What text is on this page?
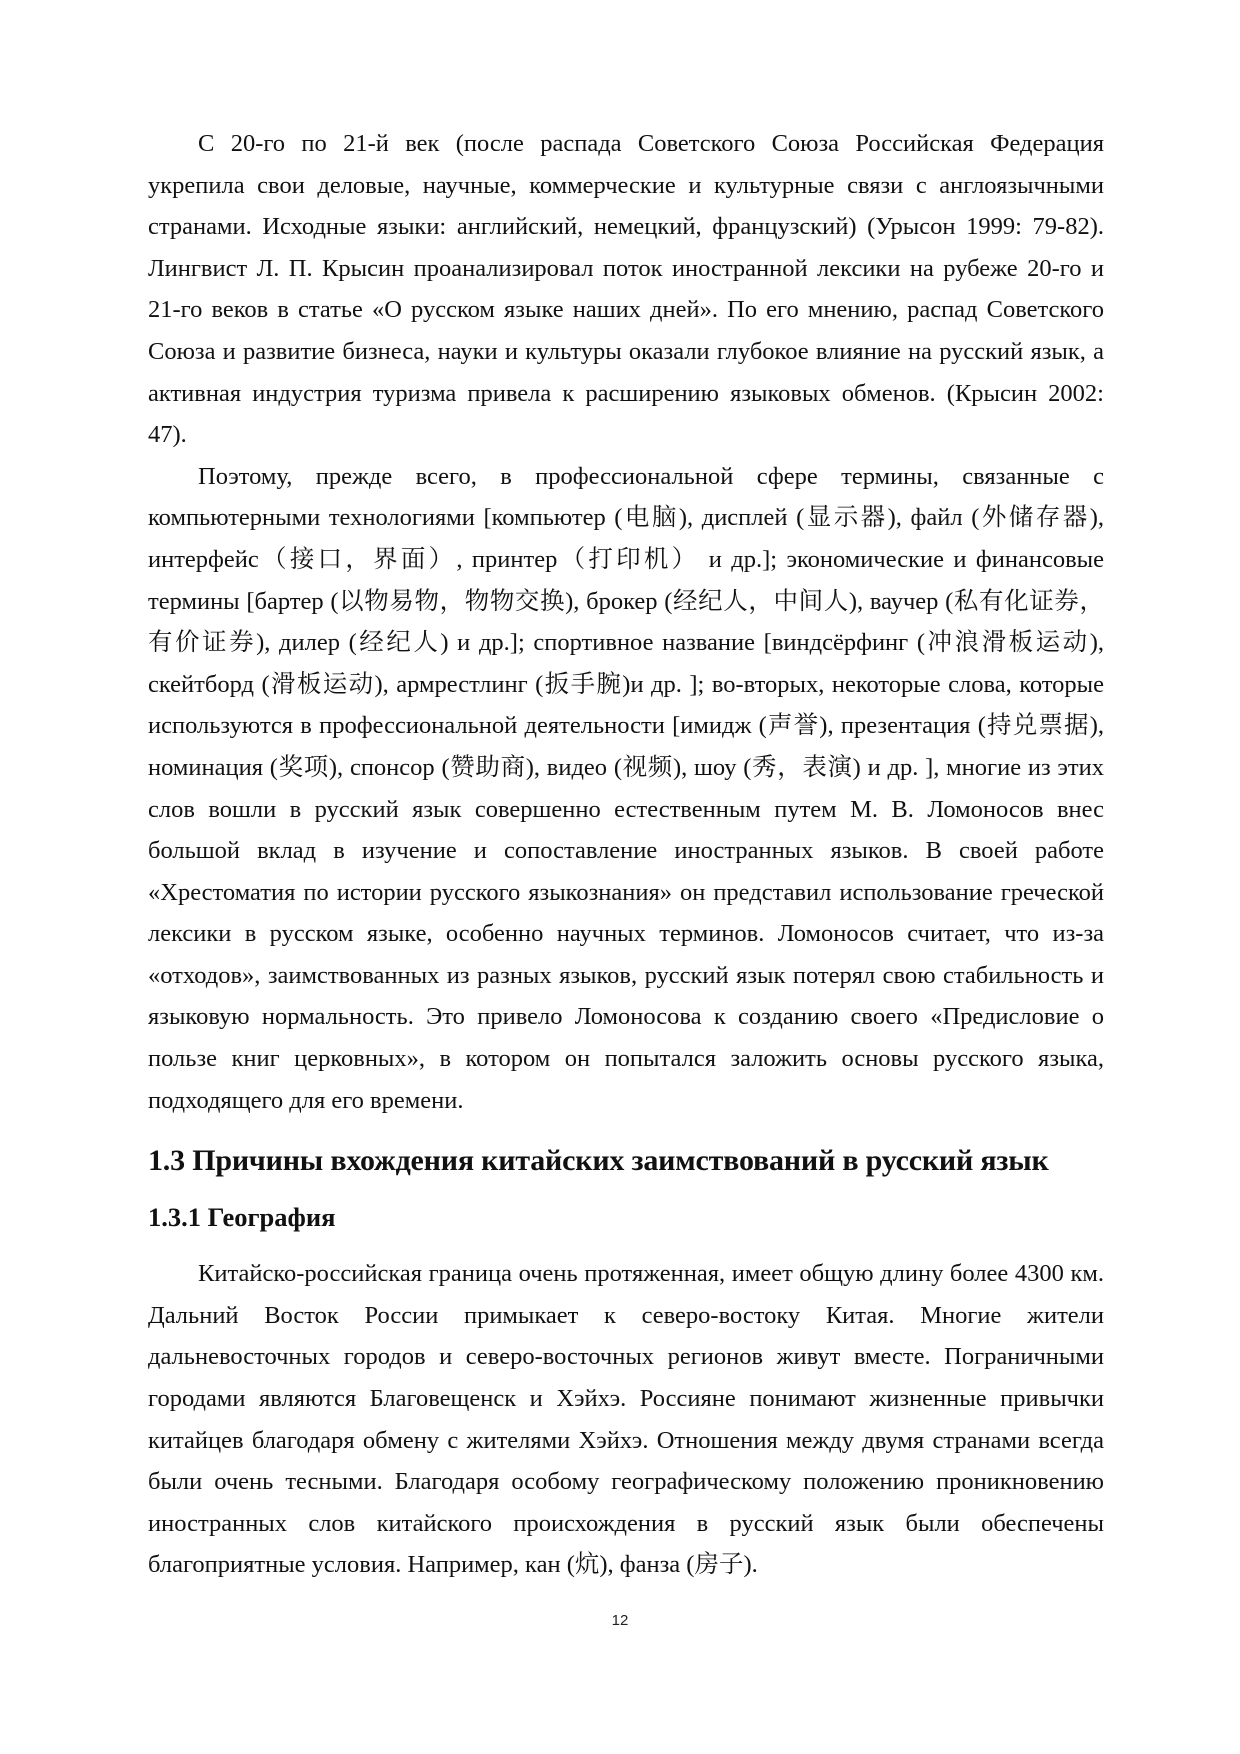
С 20-го по 21-й век (после распада Советского Союза Российская Федерация укрепила свои деловые, научные, коммерческие и культурные связи с англоязычными странами. Исходные языки: английский, немецкий, французский) (Урысон 1999: 79-82). Лингвист Л. П. Крысин проанализировал поток иностранной лексики на рубеже 20-го и 21-го веков в статье «О русском языке наших дней». По его мнению, распад Советского Союза и развитие бизнеса, науки и культуры оказали глубокое влияние на русский язык, а активная индустрия туризма привела к расширению языковых обменов. (Крысин 2002: 47).

Поэтому, прежде всего, в профессиональной сфере термины, связанные с компьютерными технологиями [компьютер (电脑), дисплей (显示器), файл (外储存器), интерфейс（接口，界面）, принтер（打印机） и др.]; экономические и финансовые термины [бартер (以物易物，物物交换), брокер (经纪人，中间人), ваучер (私有化证券，有价证券), дилер (经纪人) и др.]; спортивное название [виндсёрфинг (冲浪滑板运动), скейтборд (滑板运动), армрестлинг (扳手腕)и др. ]; во-вторых, некоторые слова, которые используются в профессиональной деятельности [имидж (声誉), презентация (持兑票据), номинация (奖项), спонсор (赞助商), видео (视频), шоу (秀，表演) и др. ], многие из этих слов вошли в русский язык совершенно естественным путем М. В. Ломоносов внес большой вклад в изучение и сопоставление иностранных языков. В своей работе «Хрестоматия по истории русского языкознания» он представил использование греческой лексики в русском языке, особенно научных терминов. Ломоносов считает, что из-за «отходов», заимствованных из разных языков, русский язык потерял свою стабильность и языковую нормальность. Это привело Ломоносова к созданию своего «Предисловие о пользе книг церковных», в котором он попытался заложить основы русского языка, подходящего для его времени.

1.3 Причины вхождения китайских заимствований в русский язык
1.3.1 География

Китайско-российская граница очень протяженная, имеет общую длину более 4300 км. Дальний Восток России примыкает к северо-востоку Китая. Многие жители дальневосточных городов и северо-восточных регионов живут вместе. Пограничными городами являются Благовещенск и Хэйхэ. Россияне понимают жизненные привычки китайцев благодаря обмену с жителями Хэйхэ. Отношения между двумя странами всегда были очень тесными. Благодаря особому географическому положению проникновению иностранных слов китайского происхождения в русский язык были обеспечены благоприятные условия. Например, кан (炕), фанза (房子).

12
